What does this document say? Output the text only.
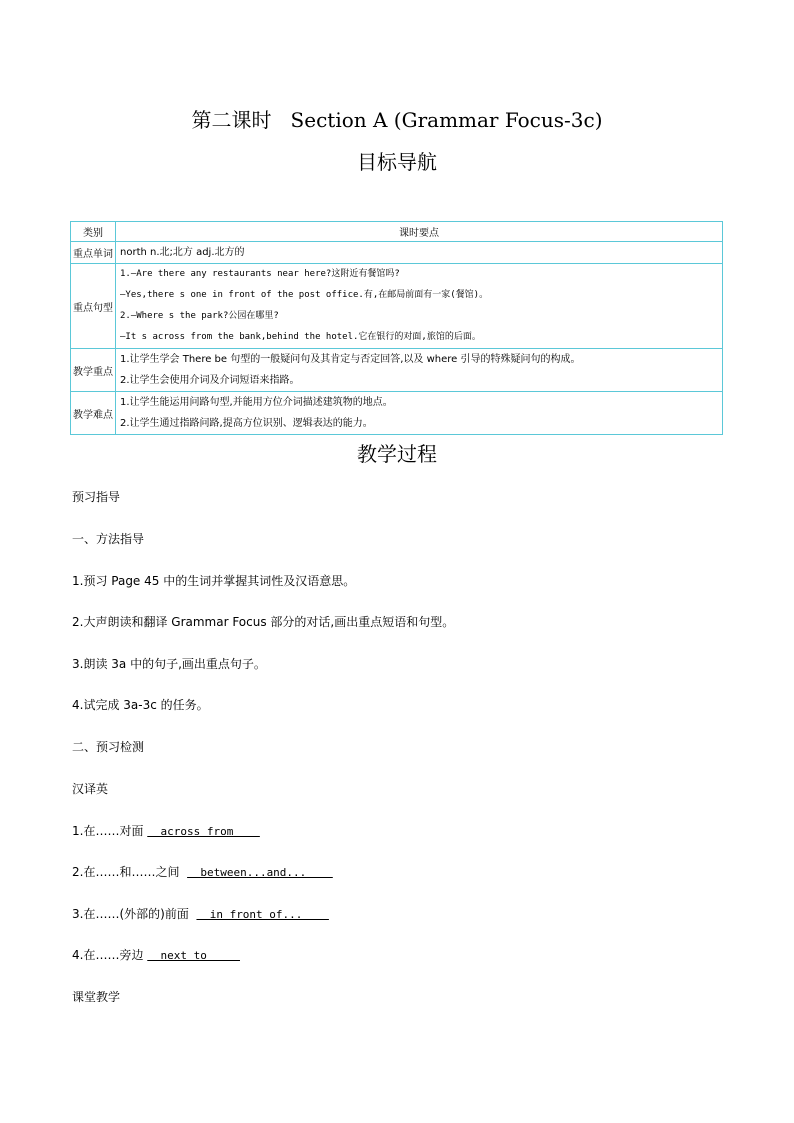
第二课时   Section A (Grammar Focus-3c)
目标导航
类别	课时要点
重点单词	north n.北;北方 adj.北方的

重点句型	1.—Are there any restaurants near here?这附近有餐馆吗?
—Yes,there s one in front of the post office.有,在邮局前面有一家(餐馆)。
2.—Where s the park?公园在哪里?
—It s across from the bank,behind the hotel.它在银行的对面,旅馆的后面。

教学重点	1.让学生学会 There be 句型的一般疑问句及其肯定与否定回答,以及 where 引导的特殊疑问句的构成。
2.让学生会使用介词及介词短语来指路。

教学难点	1.让学生能运用问路句型,并能用方位介词描述建筑物的地点。
2.让学生通过指路问路,提高方位识别、逻辑表达的能力。
教学过程
预习指导
一、方法指导
1.预习 Page 45 中的生词并掌握其词性及汉语意思。
2.大声朗读和翻译 Grammar Focus 部分的对话,画出重点短语和句型。
3.朗读 3a 中的句子,画出重点句子。
4.试完成 3a-3c 的任务。
二、预习检测
汉译英
1.在……对面   across from
2.在……和……之间    between...and...
3.在……(外部的)前面    in front of...
4.在……旁边   next to
课堂教学
